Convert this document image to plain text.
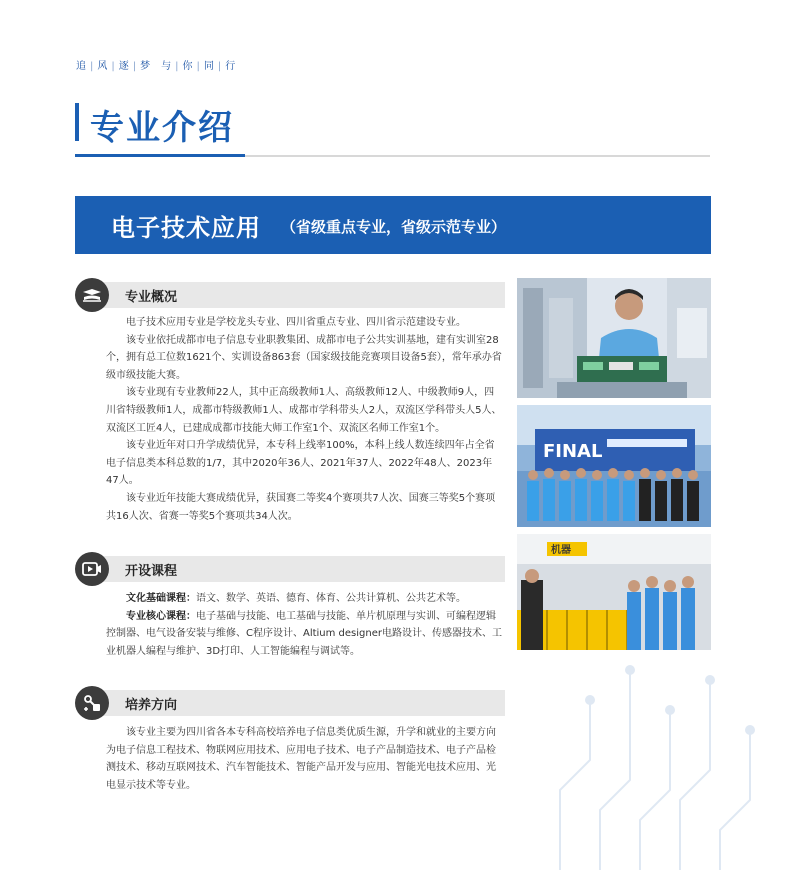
追 | 风 | 逐 | 梦 与 | 你 | 同 | 行
专业介绍
电子技术应用 （省级重点专业，省级示范专业）
专业概况

电子技术应用专业是学校龙头专业、四川省重点专业、四川省示范建设专业。

该专业依托成都市电子信息专业职教集团、成都市电子公共实训基地，建有实训室28个，拥有总工位数1621个、实训设备863套（国家级技能竞赛项目设备5套），常年承办省级市级技能大赛。

该专业现有专业教师22人，其中正高级教师1人、高级教师12人、中级教师9人，四川省特级教师1人，成都市特级教师1人、成都市学科带头人2人，双流区学科带头人5人、双流区工匠4人，已建成成都市技能大师工作室1个、双流区名师工作室1个。

该专业近年对口升学成绩优异，本专科上线率100%，本科上线人数连续四年占全省电子信息类本科总数的1/7，其中2020年36人、2021年37人、2022年48人、2023年47人。

该专业近年技能大赛成绩优异，获国赛二等奖4个赛项共7人次、国赛三等奖5个赛项共16人次、省赛一等奖5个赛项共34人次。

开设课程

文化基础课程：语文、数学、英语、德育、体育、公共计算机、公共艺术等。

专业核心课程：电子基础与技能、电工基础与技能、单片机原理与实训、可编程逻辑控制器、电气设备安装与维修、C程序设计、Altium designer电路设计、传感器技术、工业机器人编程与维护、3D打印、人工智能编程与调试等。

培养方向

该专业主要为四川省各本专科高校培养电子信息类优质生源，升学和就业的主要方向为电子信息工程技术、物联网应用技术、应用电子技术、电子产品制造技术、电子产品检测技术、移动互联网技术、汽车智能技术、智能产品开发与应用、智能光电技术应用、光电显示技术等专业。

FINAL
机器
